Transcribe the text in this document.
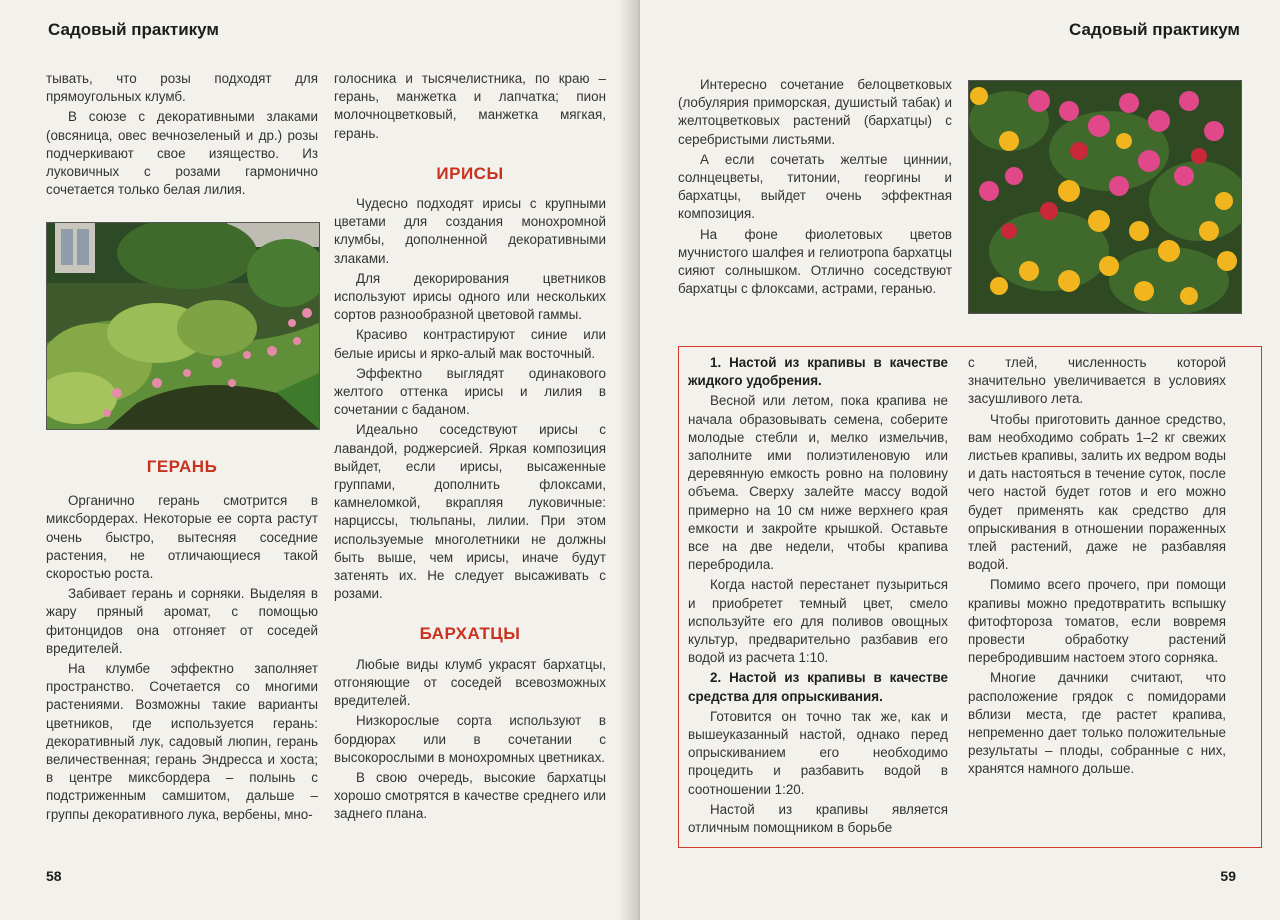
Садовый практикум

тывать, что розы подходят для прямоугольных клумб.

В союзе с декоративными злаками (овсяница, овес вечнозеленый и др.) розы подчеркивают свое изящество. Из луковичных с розами гармонично сочетается только белая лилия.

ГЕРАНЬ

Органично герань смотрится в миксбордерах. Некоторые ее сорта растут очень быстро, вытесняя соседние растения, не отличающиеся такой скоростью роста.

Забивает герань и сорняки. Выделяя в жару пряный аромат, с помощью фитонцидов она отгоняет от соседей вредителей.

На клумбе эффектно заполняет пространство. Сочетается со многими растениями. Возможны такие варианты цветников, где используется герань: декоративный лук, садовый люпин, герань величественная; герань Эндресса и хоста; в центре миксбордера – полынь с подстриженным самшитом, дальше – группы декоративного лука, вербены, мно-

голосника и тысячелистника, по краю – герань, манжетка и лапчатка; пион молочноцветковый, манжетка мягкая, герань.

ИРИСЫ

Чудесно подходят ирисы с крупными цветами для создания монохромной клумбы, дополненной декоративными злаками.

Для декорирования цветников используют ирисы одного или нескольких сортов разнообразной цветовой гаммы.

Красиво контрастируют синие или белые ирисы и ярко-алый мак восточный.

Эффектно выглядят одинакового желтого оттенка ирисы и лилия в сочетании с баданом.

Идеально соседствуют ирисы с лавандой, роджерсией. Яркая композиция выйдет, если ирисы, высаженные группами, дополнить флоксами, камнеломкой, вкрапляя луковичные: нарциссы, тюльпаны, лилии. При этом используемые многолетники не должны быть выше, чем ирисы, иначе будут затенять их. Не следует высаживать с розами.

БАРХАТЦЫ

Любые виды клумб украсят бархатцы, отгоняющие от соседей всевозможных вредителей.

Низкорослые сорта используют в бордюрах или в сочетании с высокорослыми в монохромных цветниках.

В свою очередь, высокие бархатцы хорошо смотрятся в качестве среднего или заднего плана.

58
Садовый практикум

Интересно сочетание белоцветковых (лобулярия приморская, душистый табак) и желтоцветковых растений (бархатцы) с серебристыми листьями.

А если сочетать желтые циннии, солнцецветы, титонии, георгины и бархатцы, выйдет очень эффектная композиция.

На фоне фиолетовых цветов мучнистого шалфея и гелиотропа бархатцы сияют солнышком. Отлично соседствуют бархатцы с флоксами, астрами, геранью.

1. Настой из крапивы в качестве жидкого удобрения.

Весной или летом, пока крапива не начала образовывать семена, соберите молодые стебли и, мелко измельчив, заполните ими полиэтиленовую или деревянную емкость ровно на половину объема. Сверху залейте массу водой примерно на 10 см ниже верхнего края емкости и закройте крышкой. Оставьте все на две недели, чтобы крапива перебродила.

Когда настой перестанет пузыриться и приобретет темный цвет, смело используйте его для поливов овощных культур, предварительно разбавив его водой из расчета 1:10.

2. Настой из крапивы в качестве средства для опрыскивания.

Готовится он точно так же, как и вышеуказанный настой, однако перед опрыскиванием его необходимо процедить и разбавить водой в соотношении 1:20.

Настой из крапивы является отличным помощником в борьбе

с тлей, численность которой значительно увеличивается в условиях засушливого лета.

Чтобы приготовить данное средство, вам необходимо собрать 1–2 кг свежих листьев крапивы, залить их ведром воды и дать настояться в течение суток, после чего настой будет готов и его можно будет применять как средство для опрыскивания в отношении пораженных тлей растений, даже не разбавляя водой.

Помимо всего прочего, при помощи крапивы можно предотвратить вспышку фитофтороза томатов, если вовремя провести обработку растений перебродившим настоем этого сорняка.

Многие дачники считают, что расположение грядок с помидорами вблизи места, где растет крапива, непременно дает только положительные результаты – плоды, собранные с них, хранятся намного дольше.

59
